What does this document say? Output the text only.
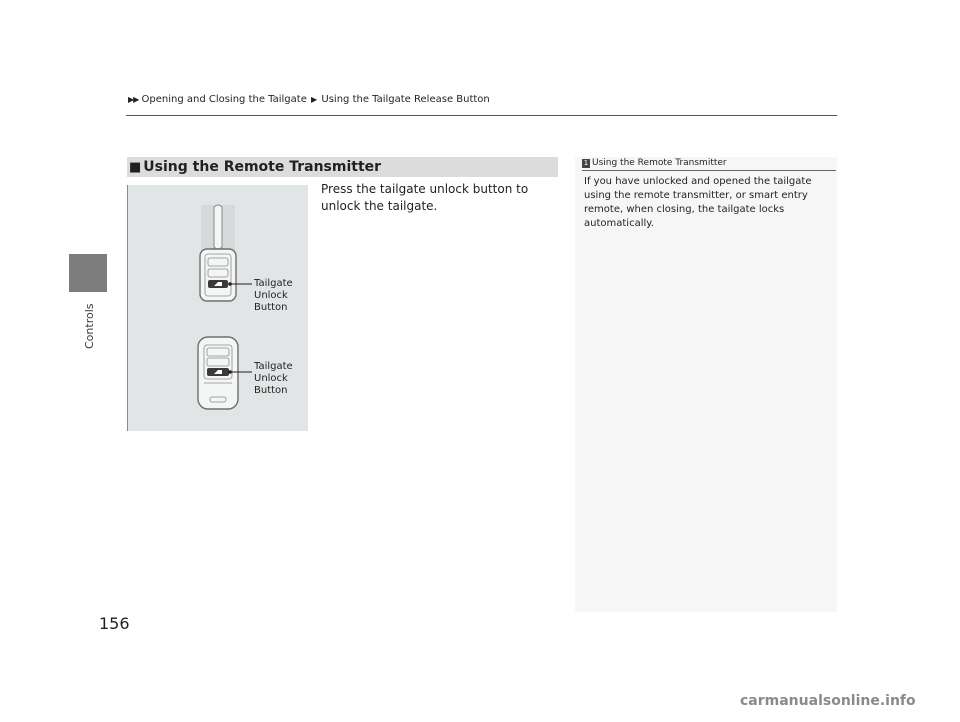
Controls
▶▶ Opening and Closing the Tailgate ▶ Using the Tailgate Release Button
■ Using the Remote Transmitter
Tailgate
Unlock
Button
Tailgate
Unlock
Button
Press the tailgate unlock button to unlock the tailgate.
1 Using the Remote Transmitter
If you have unlocked and opened the tailgate using the remote transmitter, or smart entry remote, when closing, the tailgate locks automatically.
156
carmanualsonline.info
